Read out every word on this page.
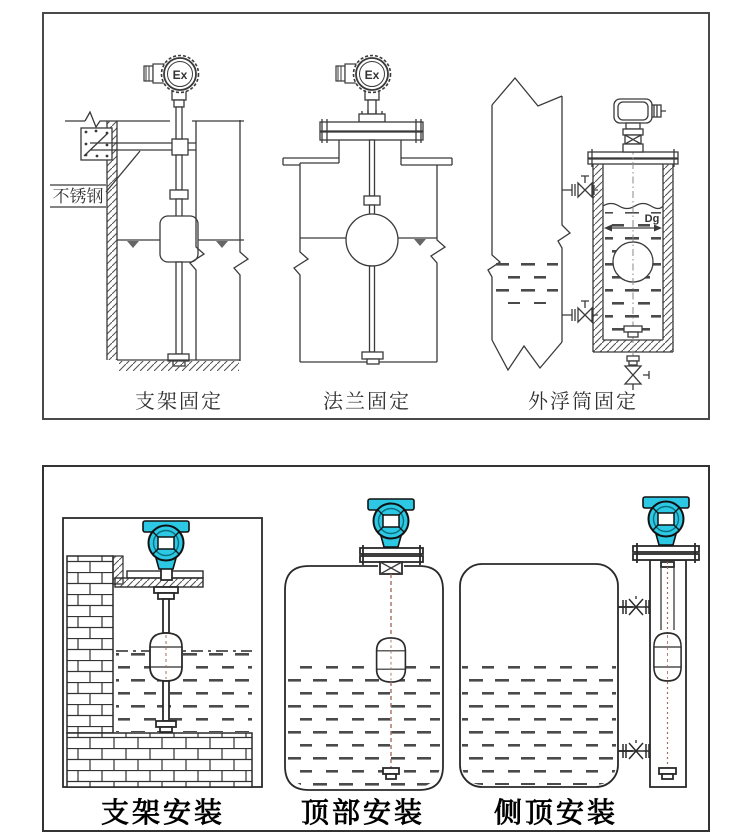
不锈钢
Ex	Ex
Dg
支架固定	法兰固定	外浮筒固定
支架安装	顶部安装 侧顶安装
